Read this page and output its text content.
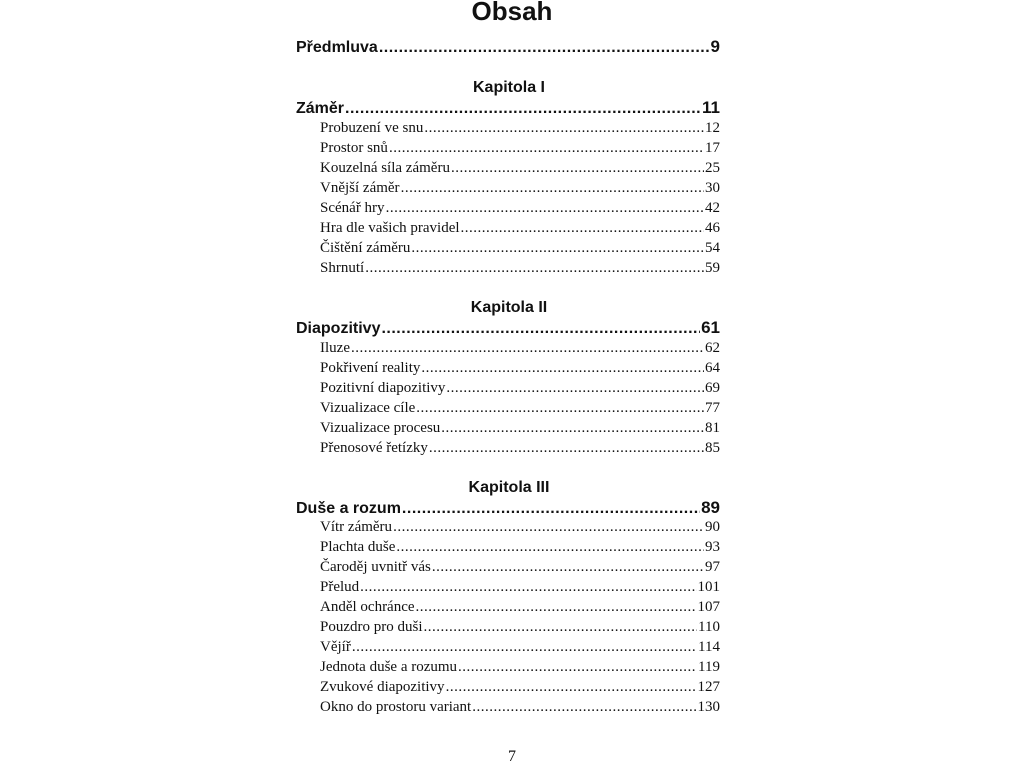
Obsah
Předmluva .....	9
Kapitola I
Záměr .....	11
Probuzení ve snu .....	12
Prostor snů .....	17
Kouzelná síla záměru .....	25
Vnější záměr .....	30
Scénář hry .....	42
Hra dle vašich pravidel .....	46
Čištění záměru .....	54
Shrnutí .....	59
Kapitola II
Diapozitivy .....	61
Iluze .....	62
Pokřivení reality .....	64
Pozitivní diapozitivy .....	69
Vizualizace cíle .....	77
Vizualizace procesu .....	81
Přenosové řetízky .....	85
Kapitola III
Duše a rozum .....	89
Vítr záměru .....	90
Plachta duše .....	93
Čaroděj uvnitř vás .....	97
Přelud .....	101
Anděl ochránce .....	107
Pouzdro pro duši .....	110
Vějíř .....	114
Jednota duše a rozumu .....	119
Zvukové diapozitivy .....	127
Okno do prostoru variant .....	130
7
